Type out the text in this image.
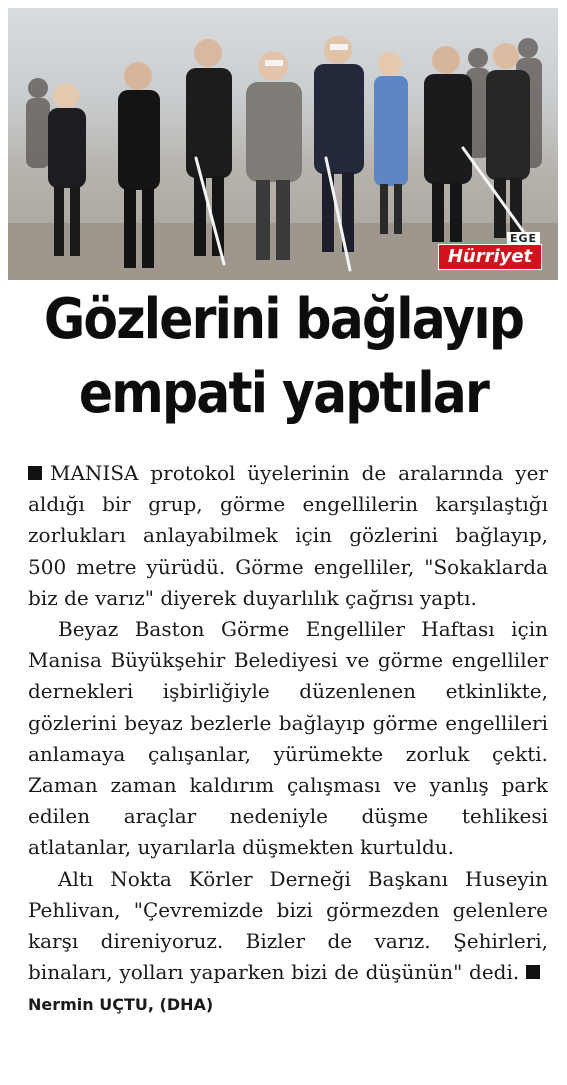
Hürriyet
EGE
Gözlerini bağlayıp
empati yaptılar

MANISA protokol üyelerinin de aralarında yer aldığı bir grup, görme engellilerin karşılaştığı zorlukları anlayabilmek için gözlerini bağlayıp, 500 metre yürüdü. Görme engelliler, "Sokaklarda biz de varız" diyerek duyarlılık çağrısı yaptı.

Beyaz Baston Görme Engelliler Haftası için Manisa Büyükşehir Belediyesi ve görme engelliler dernekleri işbirliğiyle düzenlenen etkinlikte, gözlerini beyaz bezlerle bağlayıp görme engellileri anlamaya çalışanlar, yürümekte zorluk çekti. Zaman zaman kaldırım çalışması ve yanlış park edilen araçlar nedeniyle düşme tehlikesi atlatanlar, uyarılarla düşmekten kurtuldu.

Altı Nokta Körler Derneği Başkanı Huseyin Pehlivan, "Çevremizde bizi görmezden gelenlere karşı direniyoruz. Bizler de varız. Şehirleri, binaları, yolları yaparken bizi de düşünün" dedi. Nermin UÇTU, (DHA)
